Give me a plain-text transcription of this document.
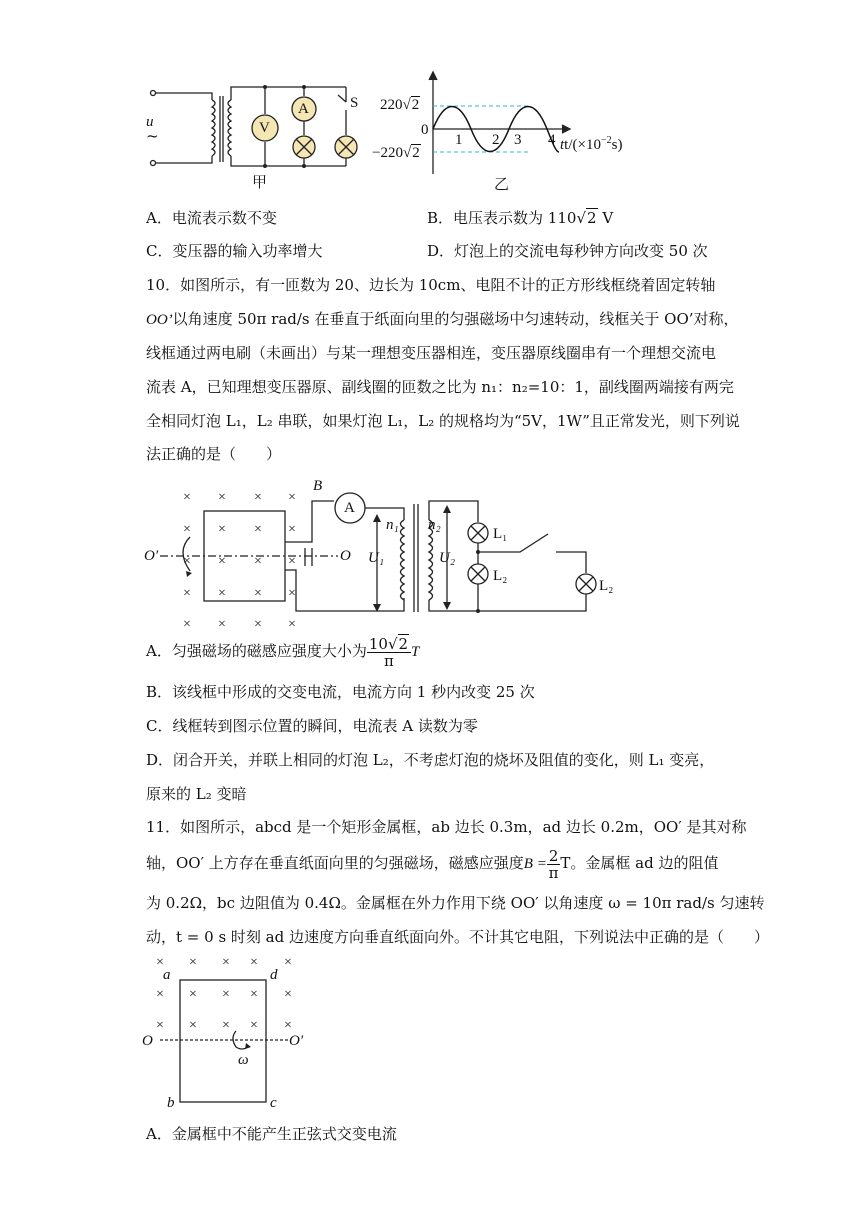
u
~	V
A	S
甲
220√2
0
−220√2
1 2 3 4 $tt/(\times 10^{-2}s)$
乙
A．电流表示数不变	B．电压表示数为 110√2 V
C．变压器的输入功率增大	D．灯泡上的交流电每秒钟方向改变 50 次
10．如图所示，有一匝数为 20、边长为 10cm、电阻不计的正方形线框绕着固定转轴
OO’以角速度 50π rad/s 在垂直于纸面向里的匀强磁场中匀速转动，线框关于 OO’对称，
线框通过两电刷（未画出）与某一理想变压器相连，变压器原线圈串有一个理想交流电
流表 A，已知理想变压器原、副线圈的匝数之比为 n₁：n₂=10：1，副线圈两端接有两完
全相同灯泡 L₁，L₂ 串联，如果灯泡 L₁，L₂ 的规格均为“5V，1W”且正常发光，则下列说
法正确的是（　　）
× × × ×
× × × ×
× × × ×
× × × ×
× × × ×
B
A
O′	O
n₁ n₂
U₁	U₂
L₁
L₂
L₂
A．匀强磁场的磁感应强度大小为 $\frac{10√2}{\pi}$ T
B．该线框中形成的交变电流，电流方向 1 秒内改变 25 次
C．线框转到图示位置的瞬间，电流表 A 读数为零
D．闭合开关，并联上相同的灯泡 L₂，不考虑灯泡的烧坏及阻值的变化，则 L₁ 变亮，
原来的 L₂ 变暗
11．如图所示，abcd 是一个矩形金属框，ab 边长 0.3m，ad 边长 0.2m，OO′ 是其对称
轴，OO′ 上方存在垂直纸面向里的匀强磁场，磁感应强度$B = \frac{2}{\pi}$ T。金属框 ad 边的阻值
为 0.2Ω，bc 边阻值为 0.4Ω。金属框在外力作用下绕 OO′ 以角速度 ω = 10π rad/s 匀速转
动，t = 0 s 时刻 ad 边速度方向垂直纸面向外。不计其它电阻，下列说法中正确的是（　　）
× × × × ×
× × × × ×
× × × × ×
a	d
O	O′
ω
b	c
A．金属框中不能产生正弦式交变电流
